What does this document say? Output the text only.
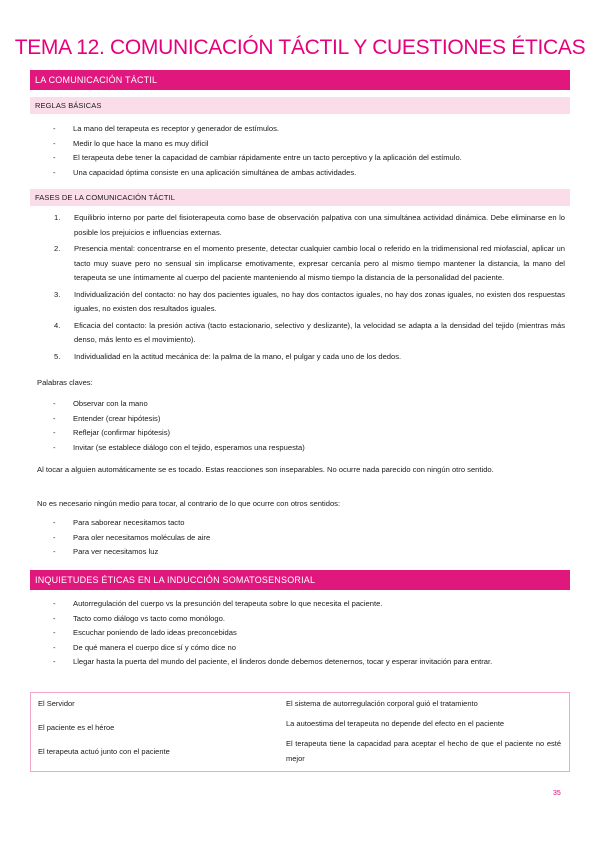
TEMA 12. COMUNICACIÓN TÁCTIL Y CUESTIONES ÉTICAS
LA COMUNICACIÓN TÁCTIL
REGLAS BÁSICAS
- La mano del terapeuta es receptor y generador de estímulos.
- Medir lo que hace la mano es muy difícil
- El terapeuta debe tener la capacidad de cambiar rápidamente entre un tacto perceptivo y la aplicación del estímulo.
- Una capacidad óptima consiste en una aplicación simultánea de ambas actividades.
FASES DE LA COMUNICACIÓN TÁCTIL
1. Equilibrio interno por parte del fisioterapeuta como base de observación palpativa con una simultánea actividad dinámica. Debe eliminarse en lo posible los prejuicios e influencias externas.
2. Presencia mental: concentrarse en el momento presente, detectar cualquier cambio local o referido en la tridimensional red miofascial, aplicar un tacto muy suave pero no sensual sin implicarse emotivamente, expresar cercanía pero al mismo tiempo mantener la distancia, la mano del terapeuta se une íntimamente al cuerpo del paciente manteniendo al mismo tiempo la distancia de la personalidad del paciente.
3. Individualización del contacto: no hay dos pacientes iguales, no hay dos contactos iguales, no hay dos zonas iguales, no existen dos respuestas iguales, no existen dos resultados iguales.
4. Eficacia del contacto: la presión activa (tacto estacionario, selectivo y deslizante), la velocidad se adapta a la densidad del tejido (mientras más denso, más lento es el movimiento).
5. Individualidad en la actitud mecánica de: la palma de la mano, el pulgar y cada uno de los dedos.
Palabras claves:
- Observar con la mano
- Entender (crear hipótesis)
- Reflejar (confirmar hipótesis)
- Invitar (se establece diálogo con el tejido, esperamos una respuesta)
Al tocar a alguien automáticamente se es tocado. Estas reacciones son inseparables. No ocurre nada parecido con ningún otro sentido.
No es necesario ningún medio para tocar, al contrario de lo que ocurre con otros sentidos:
- Para saborear necesitamos tacto
- Para oler necesitamos moléculas de aire
- Para ver necesitamos luz
INQUIETUDES ÉTICAS EN LA INDUCCIÓN SOMATOSENSORIAL
- Autorregulación del cuerpo vs la presunción del terapeuta sobre lo que necesita el paciente.
- Tacto como diálogo vs tacto como monólogo.
- Escuchar poniendo de lado ideas preconcebidas
- De qué manera el cuerpo dice sí y cómo dice no
- Llegar hasta la puerta del mundo del paciente, el linderos donde debemos detenernos, tocar y esperar invitación para entrar.
El Servidor
El paciente es el héroe
El terapeuta actuó junto con el paciente
El sistema de autorregulación corporal guió el tratamiento
La autoestima del terapeuta no depende del efecto en el paciente
El terapeuta tiene la capacidad para aceptar el hecho de que el paciente no esté mejor
35
